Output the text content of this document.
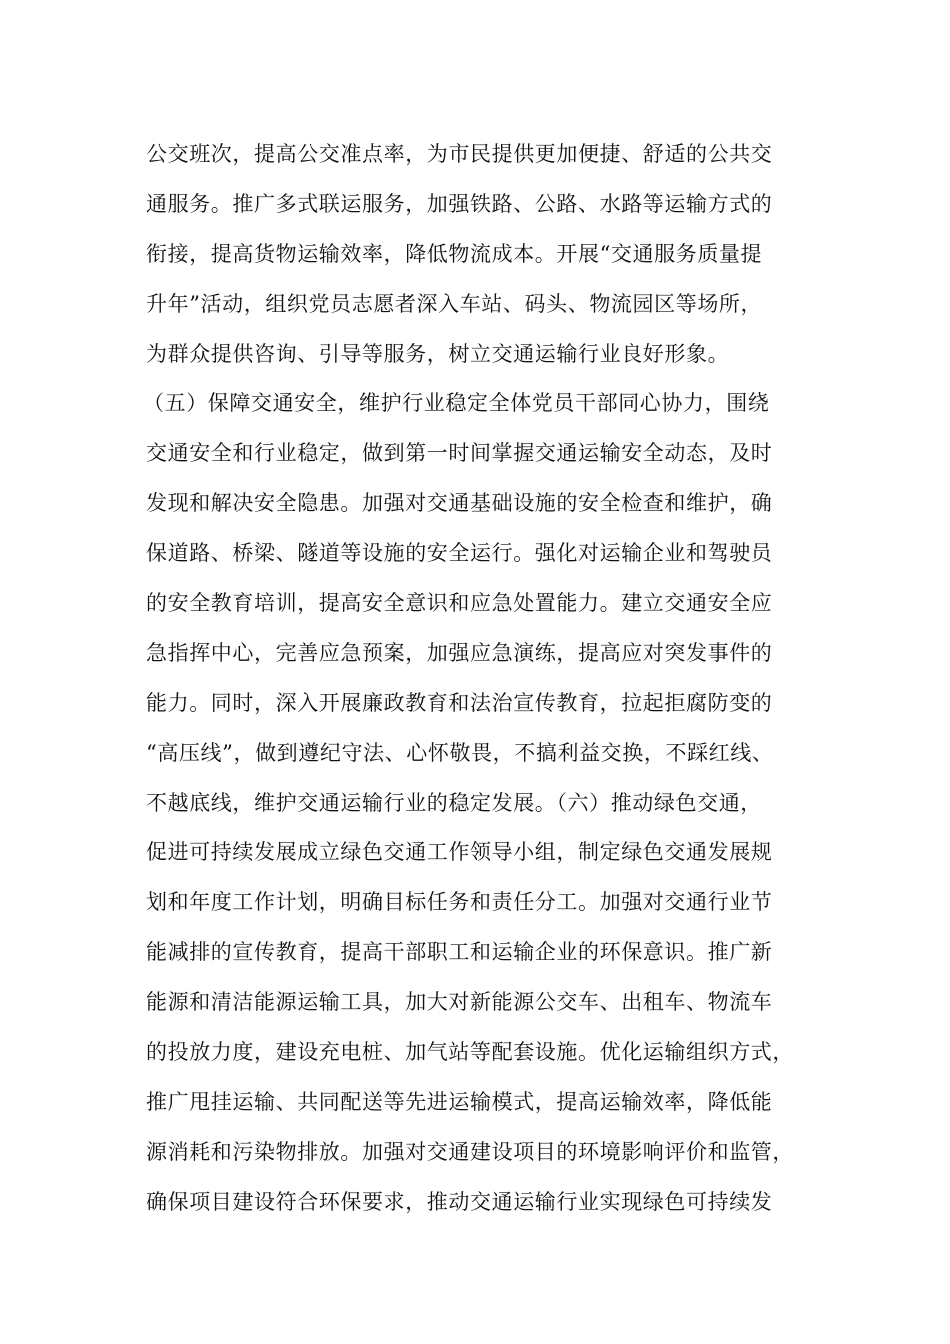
公交班次，提高公交准点率，为市民提供更加便捷、舒适的公共交
通服务。推广多式联运服务，加强铁路、公路、水路等运输方式的
衔接，提高货物运输效率，降低物流成本。开展“交通服务质量提
升年”活动，组织党员志愿者深入车站、码头、物流园区等场所，
为群众提供咨询、引导等服务，树立交通运输行业良好形象。
（五）保障交通安全，维护行业稳定全体党员干部同心协力，围绕
交通安全和行业稳定，做到第一时间掌握交通运输安全动态，及时
发现和解决安全隐患。加强对交通基础设施的安全检查和维护，确
保道路、桥梁、隧道等设施的安全运行。强化对运输企业和驾驶员
的安全教育培训，提高安全意识和应急处置能力。建立交通安全应
急指挥中心，完善应急预案，加强应急演练，提高应对突发事件的
能力。同时，深入开展廉政教育和法治宣传教育，拉起拒腐防变的
“高压线”，做到遵纪守法、心怀敬畏，不搞利益交换，不踩红线、
不越底线，维护交通运输行业的稳定发展。（六）推动绿色交通，
促进可持续发展成立绿色交通工作领导小组，制定绿色交通发展规
划和年度工作计划，明确目标任务和责任分工。加强对交通行业节
能减排的宣传教育，提高干部职工和运输企业的环保意识。推广新
能源和清洁能源运输工具，加大对新能源公交车、出租车、物流车
的投放力度，建设充电桩、加气站等配套设施。优化运输组织方式，
推广甩挂运输、共同配送等先进运输模式，提高运输效率，降低能
源消耗和污染物排放。加强对交通建设项目的环境影响评价和监管，
确保项目建设符合环保要求，推动交通运输行业实现绿色可持续发
